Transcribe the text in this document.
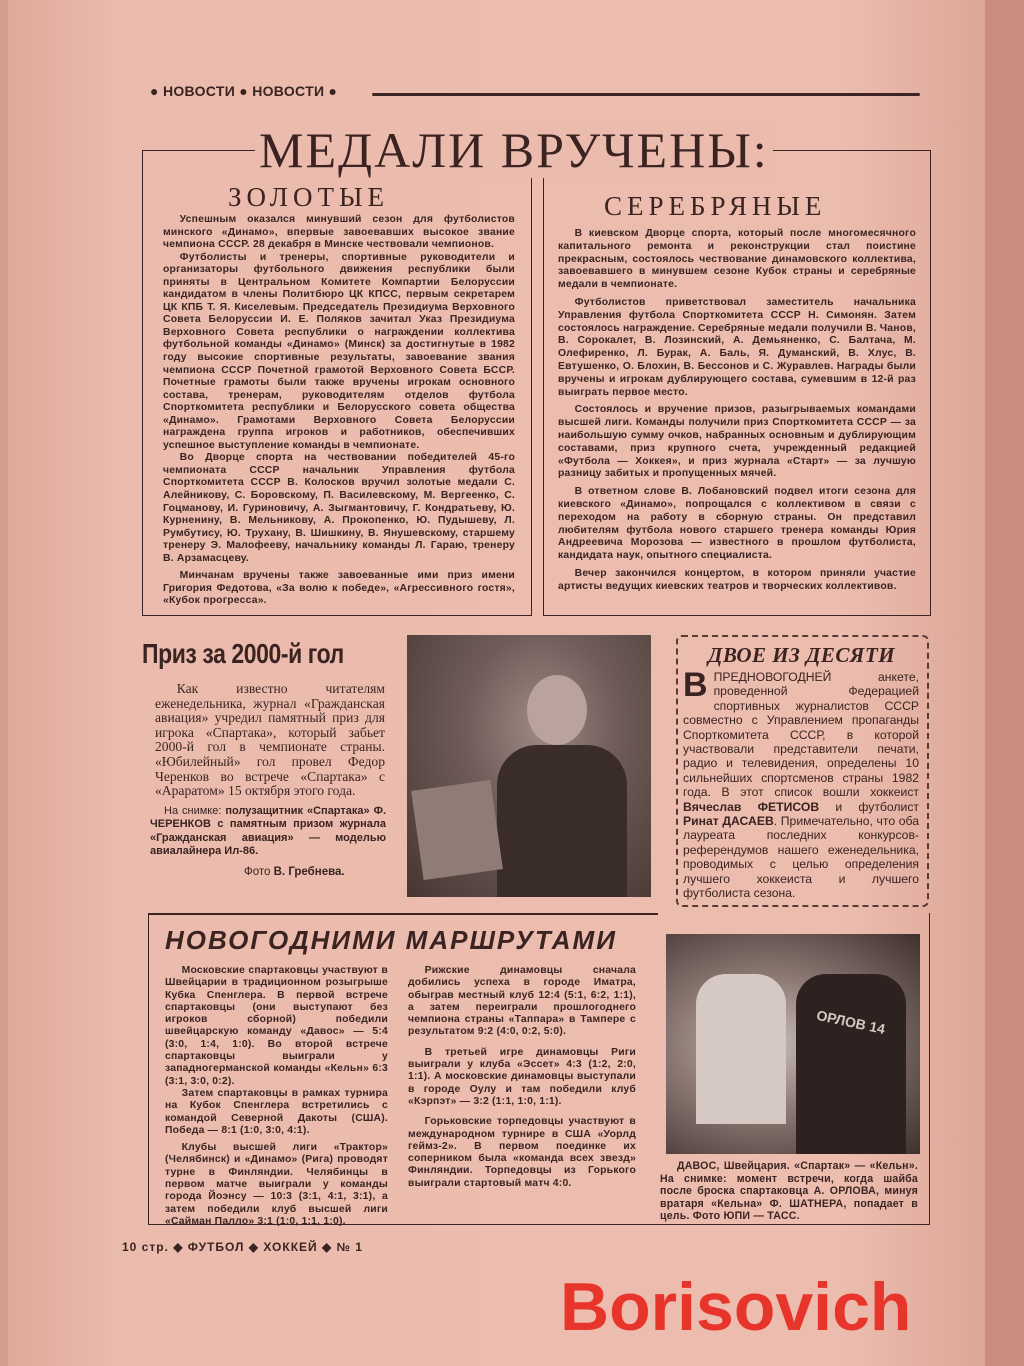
● НОВОСТИ ● НОВОСТИ ●
МЕДАЛИ ВРУЧЕНЫ:
ЗОЛОТЫЕ	СЕРЕБРЯНЫЕ

Успешным оказался минувший сезон для футболистов минского «Динамо», впервые завоевавших высокое звание чемпиона СССР. 28 декабря в Минске чествовали чемпионов.

Футболисты и тренеры, спортивные руководители и организаторы футбольного движения республики были приняты в Центральном Комитете Компартии Белоруссии кандидатом в члены Политбюро ЦК КПСС, первым секретарем ЦК КПБ Т. Я. Киселевым. Председатель Президиума Верховного Совета Белоруссии И. Е. Поляков зачитал Указ Президиума Верховного Совета республики о награждении коллектива футбольной команды «Динамо» (Минск) за достигнутые в 1982 году высокие спортивные результаты, завоевание звания чемпиона СССР Почетной грамотой Верховного Совета БССР. Почетные грамоты были также вручены игрокам основного состава, тренерам, руководителям отделов футбола Спорткомитета республики и Белорусского совета общества «Динамо». Грамотами Верховного Совета Белоруссии награждена группа игроков и работников, обеспечивших успешное выступление команды в чемпионате.

Во Дворце спорта на чествовании победителей 45-го чемпионата СССР начальник Управления футбола Спорткомитета СССР В. Колосков вручил золотые медали С. Алейникову, С. Боровскому, П. Василевскому, М. Вергеенко, С. Гоцманову, И. Гуриновичу, А. Зыгмантовичу, Г. Кондратьеву, Ю. Курненину, В. Мельникову, А. Прокопенко, Ю. Пудышеву, Л. Румбутису, Ю. Трухану, В. Шишкину, В. Янушевскому, старшему тренеру Э. Малофееву, начальнику команды Л. Гараю, тренеру В. Арзамасцеву.

Минчанам вручены также завоеванные ими приз имени Григория Федотова, «За волю к победе», «Агрессивного гостя», «Кубок прогресса».

В киевском Дворце спорта, который после многомесячного капитального ремонта и реконструкции стал поистине прекрасным, состоялось чествование динамовского коллектива, завоевавшего в минувшем сезоне Кубок страны и серебряные медали в чемпионате.

Футболистов приветствовал заместитель начальника Управления футбола Спорткомитета СССР Н. Симонян. Затем состоялось награждение. Серебряные медали получили В. Чанов, В. Сорокалет, В. Лозинский, А. Демьяненко, С. Балтача, М. Олефиренко, Л. Бурак, А. Баль, Я. Думанский, В. Хлус, В. Евтушенко, О. Блохин, В. Бессонов и С. Журавлев. Награды были вручены и игрокам дублирующего состава, сумевшим в 12-й раз выиграть первое место.

Состоялось и вручение призов, разыгрываемых командами высшей лиги. Команды получили приз Спорткомитета СССР — за наибольшую сумму очков, набранных основным и дублирующим составами, приз крупного счета, учрежденный редакцией «Футбола — Хоккея», и приз журнала «Старт» — за лучшую разницу забитых и пропущенных мячей.

В ответном слове В. Лобановский подвел итоги сезона для киевского «Динамо», попрощался с коллективом в связи с переходом на работу в сборную страны. Он представил любителям футбола нового старшего тренера команды Юрия Андреевича Морозова — известного в прошлом футболиста, кандидата наук, опытного специалиста.

Вечер закончился концертом, в котором приняли участие артисты ведущих киевских театров и творческих коллективов.

Приз за 2000-й гол

Как известно читателям еженедельника, журнал «Гражданская авиация» учредил памятный приз для игрока «Спартака», который забьет 2000-й гол в чемпионате страны. «Юбилейный» гол провел Федор Черенков во встрече «Спартака» с «Араратом» 15 октября этого года.

На снимке: полузащитник «Спартака» Ф. ЧЕРЕНКОВ с памятным призом журнала «Гражданская авиация» — моделью авиалайнера Ил-86.
Фото В. Гребнева.
ДВОЕ ИЗ ДЕСЯТИ
В ПРЕДНОВОГОДНЕЙ	анкете, проведенной Федерацией спортивных журналистов СССР совместно с Управлением пропаганды Спорткомитета СССР, в которой участвовали представители печати, радио и телевидения, определены 10 сильнейших спортсменов страны 1982 года. В этот список вошли хоккеист Вячеслав ФЕТИСОВ и футболист Ринат ДАСАЕВ. Примечательно, что оба лауреата последних конкурсов-референдумов нашего еженедельника, проводимых с целью определения лучшего хоккеиста и лучшего футболиста сезона.
НОВОГОДНИМИ МАРШРУТАМИ

Московские спартаковцы участвуют в Швейцарии в традиционном розыгрыше Кубка Спенглера. В первой встрече спартаковцы (они выступают без игроков сборной) победили швейцарскую команду «Давос» — 5:4 (3:0, 1:4, 1:0). Во второй встрече спартаковцы выиграли у западногерманской команды «Кельн» 6:3 (3:1, 3:0, 0:2).

Затем спартаковцы в рамках турнира на Кубок Спенглера встретились с командой Северной Дакоты (США). Победа — 8:1 (1:0, 3:0, 4:1).

Клубы высшей лиги «Трактор» (Челябинск) и «Динамо» (Рига) проводят турне в Финляндии. Челябинцы в первом матче выиграли у команды города Йоэнсу — 10:3 (3:1, 4:1, 3:1), а затем победили клуб высшей лиги «Сайман Палло» 3:1 (1:0, 1:1, 1:0).

Рижские динамовцы сначала добились успеха в городе Иматра, обыграв местный клуб 12:4 (5:1, 6:2, 1:1), а затем переиграли прошлогоднего чемпиона страны «Таппара» в Тампере с результатом 9:2 (4:0, 0:2, 5:0).

В третьей игре динамовцы Риги выиграли у клуба «Эссет» 4:3 (1:2, 2:0, 1:1). А московские динамовцы выступали в городе Оулу и там победили клуб «Кэрпэт» — 3:2 (1:1, 1:0, 1:1).

Горьковские торпедовцы участвуют в международном турнире в США «Уорлд геймз-2». В первом поединке их соперником была «команда всех звезд» Финляндии. Торпедовцы из Горького выиграли стартовый матч 4:0.

ОРЛОВ 14

ДАВОС, Швейцария. «Спартак» — «Кельн». На снимке: момент встречи, когда шайба после броска спартаковца А. ОРЛОВА, минуя вратаря «Кельна» Ф. ШАТНЕРА, попадает в цель. Фото ЮПИ — ТАСС.

10 стр. ◆ ФУТБОЛ ◆ ХОККЕЙ ◆ № 1
Borisovich
